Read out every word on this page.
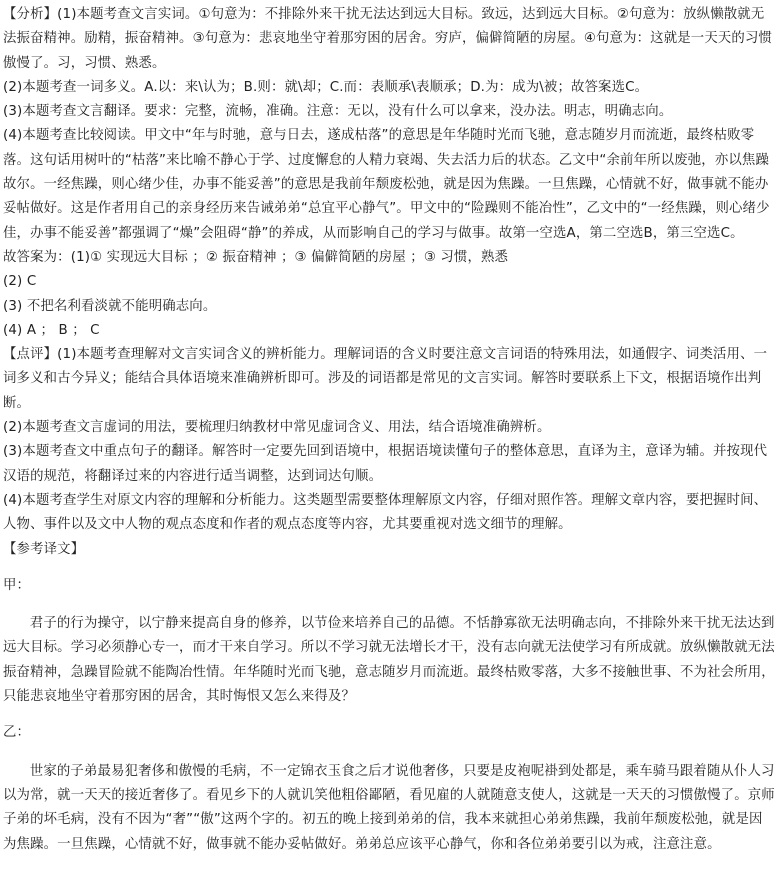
【分析】(1)本题考查文言实词。①句意为：不排除外来干扰无法达到远大目标。致远，达到远大目标。②句意为：放纵懒散就无法振奋精神。励精，振奋精神。③句意为：悲哀地坐守着那穷困的居舍。穷庐，偏僻简陋的房屋。④句意为：这就是一天天的习惯傲慢了。习，习惯、熟悉。

(2)本题考查一词多义。A.以：来\认为；B.则：就\却；C.而：表顺承\表顺承；D.为：成为\被；故答案选C。

(3)本题考查文言翻译。要求：完整，流畅，准确。注意：无以，没有什么可以拿来，没办法。明志，明确志向。

(4)本题考查比较阅读。甲文中“年与时驰，意与日去，遂成枯落”的意思是年华随时光而飞驰，意志随岁月而流逝，最终枯败零落。这句话用树叶的“枯落”来比喻不静心于学、过度懈怠的人精力衰竭、失去活力后的状态。乙文中“余前年所以废弛，亦以焦躁故尔。一经焦躁，则心绪少佳，办事不能妥善”的意思是我前年颓废松弛，就是因为焦躁。一旦焦躁，心情就不好，做事就不能办妥帖做好。这是作者用自己的亲身经历来告诫弟弟“总宜平心静气”。甲文中的“险躁则不能冶性”，乙文中的“一经焦躁，则心绪少佳，办事不能妥善”都强调了“燥”会阻碍“静”的养成，从而影响自己的学习与做事。故第一空选A，第二空选B，第三空选C。

故答案为：(1)① 实现远大目标 ；② 振奋精神 ；③ 偏僻简陋的房屋 ；③ 习惯，熟悉

(2) C

(3) 不把名利看淡就不能明确志向。

(4) A ； B ； C

【点评】(1)本题考查理解对文言实词含义的辨析能力。理解词语的含义时要注意文言词语的特殊用法，如通假字、词类活用、一词多义和古今异义；能结合具体语境来准确辨析即可。涉及的词语都是常见的文言实词。解答时要联系上下文，根据语境作出判断。

(2)本题考查文言虚词的用法，要梳理归纳教材中常见虚词含义、用法，结合语境准确辨析。

(3)本题考查文中重点句子的翻译。解答时一定要先回到语境中，根据语境读懂句子的整体意思，直译为主，意译为辅。并按现代汉语的规范，将翻译过来的内容进行适当调整，达到词达句顺。

(4)本题考查学生对原文内容的理解和分析能力。这类题型需要整体理解原文内容，仔细对照作答。理解文章内容，要把握时间、人物、事件以及文中人物的观点态度和作者的观点态度等内容，尤其要重视对选文细节的理解。

【参考译文】

甲：

君子的行为操守，以宁静来提高自身的修养，以节俭来培养自己的品德。不恬静寡欲无法明确志向，不排除外来干扰无法达到远大目标。学习必须静心专一，而才干来自学习。所以不学习就无法增长才干，没有志向就无法使学习有所成就。放纵懒散就无法振奋精神，急躁冒险就不能陶冶性情。年华随时光而飞驰，意志随岁月而流逝。最终枯败零落，大多不接触世事、不为社会所用，只能悲哀地坐守着那穷困的居舍，其时悔恨又怎么来得及？

乙：

世家的子弟最易犯奢侈和傲慢的毛病，不一定锦衣玉食之后才说他奢侈，只要是皮袍呢褂到处都是，乘车骑马跟着随从仆人习以为常，就一天天的接近奢侈了。看见乡下的人就讥笑他粗俗鄙陋，看见雇的人就随意支使人，这就是一天天的习惯傲慢了。京师子弟的坏毛病，没有不因为“奢”“傲”这两个字的。初五的晚上接到弟弟的信，我本来就担心弟弟焦躁，我前年颓废松弛，就是因为焦躁。一旦焦躁，心情就不好，做事就不能办妥帖做好。弟弟总应该平心静气，你和各位弟弟要引以为戒，注意注意。
